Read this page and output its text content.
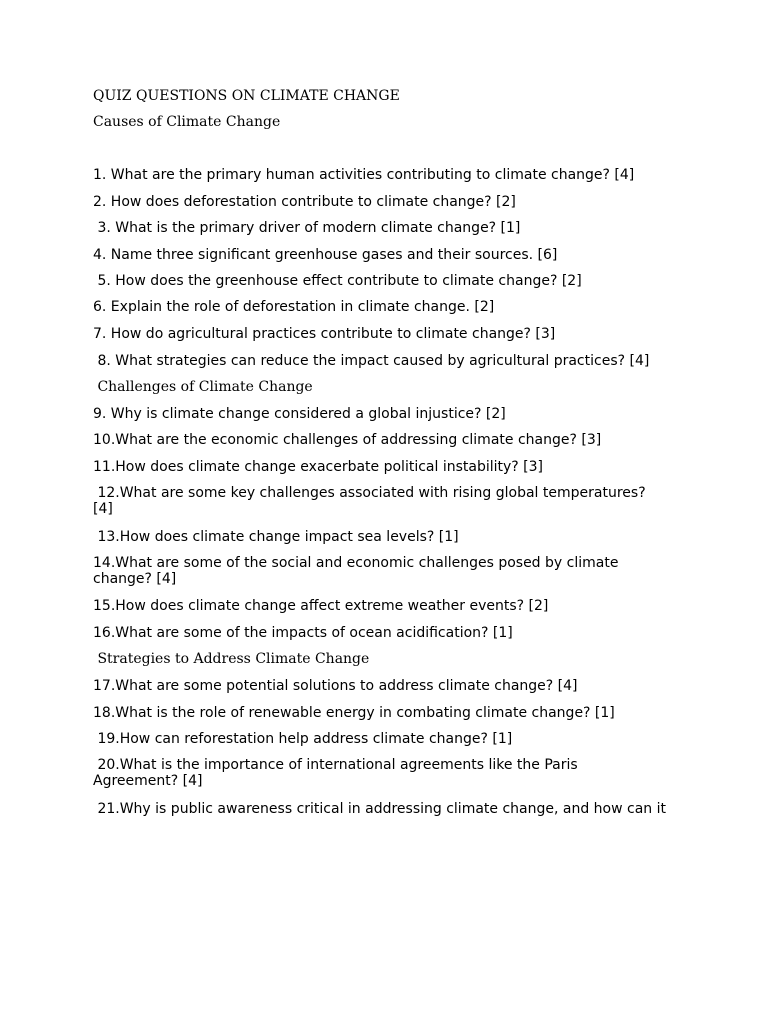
QUIZ QUESTIONS ON CLIMATE CHANGE
Causes of Climate Change
1. What are the primary human activities contributing to climate change? [4]
2. How does deforestation contribute to climate change? [2]
3. What is the primary driver of modern climate change? [1]
4. Name three significant greenhouse gases and their sources. [6]
5. How does the greenhouse effect contribute to climate change? [2]
6. Explain the role of deforestation in climate change. [2]
7. How do agricultural practices contribute to climate change? [3]
8. What strategies can reduce the impact caused by agricultural practices? [4]
Challenges of Climate Change
9. Why is climate change considered a global injustice? [2]
10.What are the economic challenges of addressing climate change? [3]
11.How does climate change exacerbate political instability? [3]
12.What are some key challenges associated with rising global temperatures?
[4]
13.How does climate change impact sea levels? [1]
14.What are some of the social and economic challenges posed by climate
change? [4]
15.How does climate change affect extreme weather events? [2]
16.What are some of the impacts of ocean acidification? [1]
Strategies to Address Climate Change
17.What are some potential solutions to address climate change? [4]
18.What is the role of renewable energy in combating climate change? [1]
19.How can reforestation help address climate change? [1]
20.What is the importance of international agreements like the Paris
Agreement? [4]
21.Why is public awareness critical in addressing climate change, and how can it
